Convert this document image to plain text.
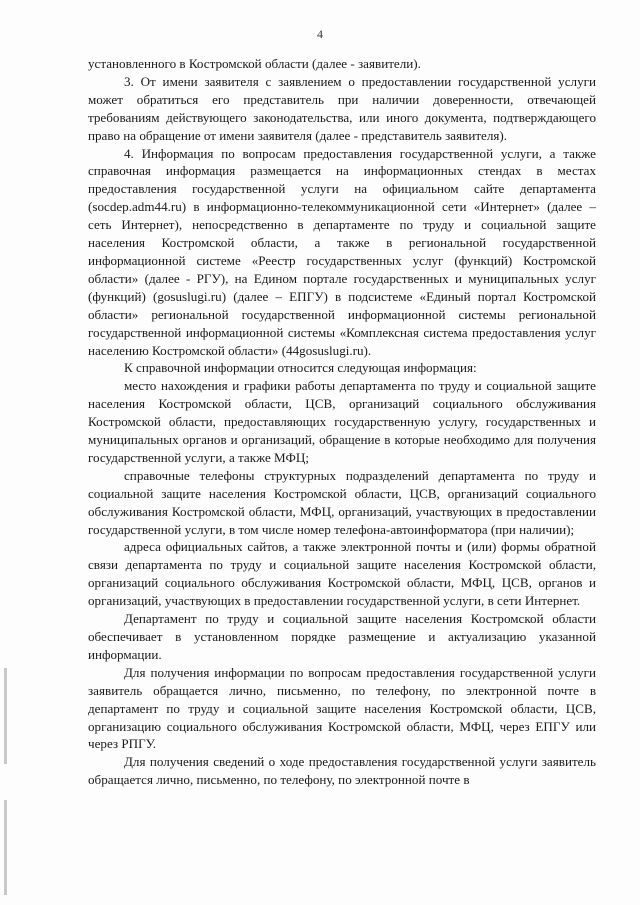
4

установленного в Костромской области (далее - заявители).

3. От имени заявителя с заявлением о предоставлении государственной услуги может обратиться его представитель при наличии доверенности, отвечающей требованиям действующего законодательства, или иного документа, подтверждающего право на обращение от имени заявителя (далее - представитель заявителя).

4. Информация по вопросам предоставления государственной услуги, а также справочная информация размещается на информационных стендах в местах предоставления государственной услуги на официальном сайте департамента (socdep.adm44.ru) в информационно-телекоммуникационной сети «Интернет» (далее – сеть Интернет), непосредственно в департаменте по труду и социальной защите населения Костромской области, а также в региональной государственной информационной системе «Реестр государственных услуг (функций) Костромской области» (далее - РГУ), на Едином портале государственных и муниципальных услуг (функций) (gosuslugi.ru) (далее – ЕПГУ) в подсистеме «Единый портал Костромской области» региональной государственной информационной системы региональной государственной информационной системы «Комплексная система предоставления услуг населению Костромской области» (44gosuslugi.ru).

К справочной информации относится следующая информация:

место нахождения и графики работы департамента по труду и социальной защите населения Костромской области, ЦСВ, организаций социального обслуживания Костромской области, предоставляющих государственную услугу, государственных и муниципальных органов и организаций, обращение в которые необходимо для получения государственной услуги, а также МФЦ;

справочные телефоны структурных подразделений департамента по труду и социальной защите населения Костромской области, ЦСВ, организаций социального обслуживания Костромской области, МФЦ, организаций, участвующих в предоставлении государственной услуги, в том числе номер телефона-автоинформатора (при наличии);

адреса официальных сайтов, а также электронной почты и (или) формы обратной связи департамента по труду и социальной защите населения Костромской области, организаций социального обслуживания Костромской области, МФЦ, ЦСВ, органов и организаций, участвующих в предоставлении государственной услуги, в сети Интернет.

Департамент по труду и социальной защите населения Костромской области обеспечивает в установленном порядке размещение и актуализацию указанной информации.

Для получения информации по вопросам предоставления государственной услуги заявитель обращается лично, письменно, по телефону, по электронной почте в департамент по труду и социальной защите населения Костромской области, ЦСВ, организацию социального обслуживания Костромской области, МФЦ, через ЕПГУ или через РПГУ.

Для получения сведений о ходе предоставления государственной услуги заявитель обращается лично, письменно, по телефону, по электронной почте в
